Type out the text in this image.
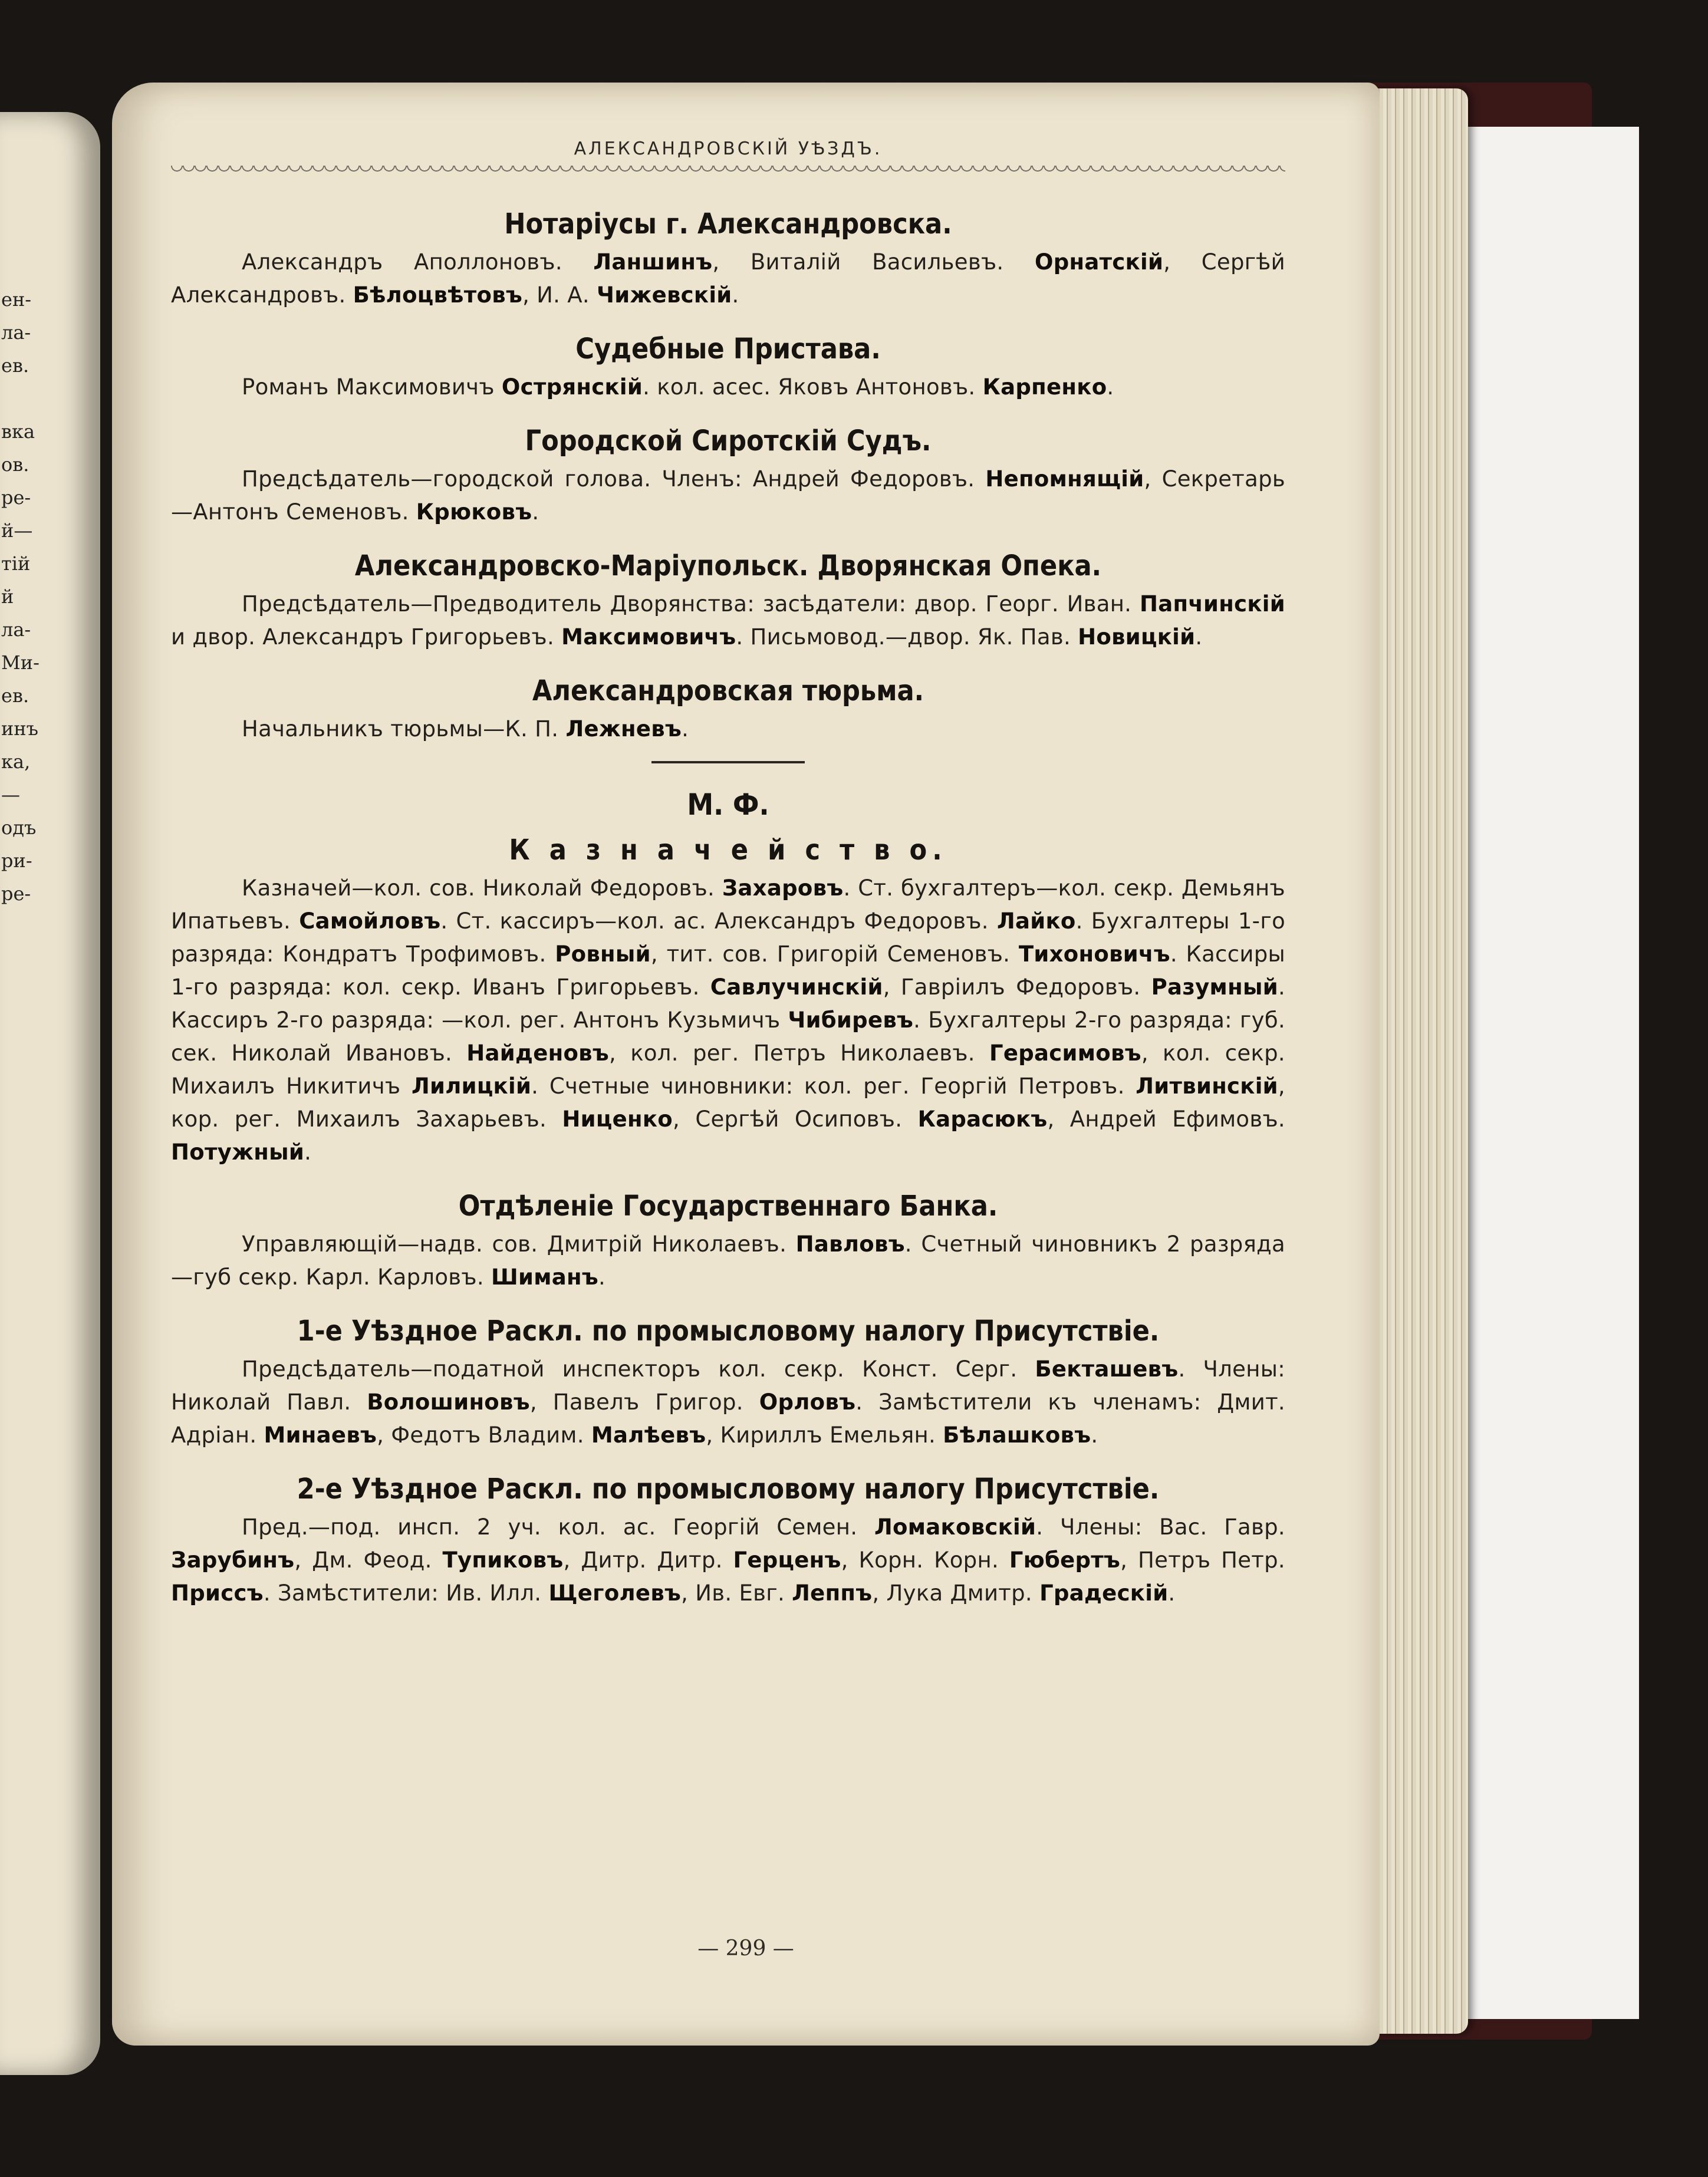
ен-
ла-
ев.
вка
ов.
ре-
й—
тій
й
ла-
Ми-
ев.
инъ
ка,
—
одъ
ри-
ре-
АЛЕКСАНДРОВСКІЙ УѢЗДЪ.
Нотаріусы г. Александровска.

Александръ Аполлоновъ. Ланшинъ, Виталій Васильевъ. Орнатскій, Сергѣй Александровъ. Бѣлоцвѣтовъ, И. А. Чижевскій.

Судебные Пристава.

Романъ Максимовичъ Острянскій. кол. асес. Яковъ Антоновъ. Карпенко.

Городской Сиротскій Судъ.

Предсѣдатель—городской голова. Членъ: Андрей Федоровъ. Непомнящій, Секретарь—Антонъ Семеновъ. Крюковъ.

Александровско-Маріупольск. Дворянская Опека.

Предсѣдатель—Предводитель Дворянства: засѣдатели: двор. Георг. Иван. Папчинскій и двор. Александръ Григорьевъ. Максимовичъ. Письмовод.—двор. Як. Пав. Новицкій.

Александровская тюрьма.

Начальникъ тюрьмы—К. П. Лежневъ.

М. Ф.
К а з н а ч е й с т в о.

Казначей—кол. сов. Николай Федоровъ. Захаровъ. Ст. бухгалтеръ—кол. секр. Демьянъ Ипатьевъ. Самойловъ. Ст. кассиръ—кол. ас. Александръ Федоровъ. Лайко. Бухгалтеры 1-го разряда: Кондратъ Трофимовъ. Ровный, тит. сов. Григорій Семеновъ. Тихоновичъ. Кассиры 1-го разряда: кол. секр. Иванъ Григорьевъ. Савлучинскій, Гавріилъ Федоровъ. Разумный. Кассиръ 2-го разряда: —кол. рег. Антонъ Кузьмичъ Чибиревъ. Бухгалтеры 2-го разряда: губ. сек. Николай Ивановъ. Найденовъ, кол. рег. Петръ Николаевъ. Герасимовъ, кол. секр. Михаилъ Никитичъ Лилицкій. Счетные чиновники: кол. рег. Георгій Петровъ. Литвинскій, кор. рег. Михаилъ Захарьевъ. Ниценко, Сергѣй Осиповъ. Карасюкъ, Андрей Ефимовъ. Потужный.

Отдѣленіе Государственнаго Банка.

Управляющій—надв. сов. Дмитрій Николаевъ. Павловъ. Счетный чиновникъ 2 разряда—губ секр. Карл. Карловъ. Шиманъ.

1-е Уѣздное Раскл. по промысловому налогу Присутствіе.

Предсѣдатель—податной инспекторъ кол. секр. Конст. Серг. Бекташевъ. Члены: Николай Павл. Волошиновъ, Павелъ Григор. Орловъ. Замѣстители къ членамъ: Дмит. Адріан. Минаевъ, Федотъ Владим. Малѣевъ, Кириллъ Емельян. Бѣлашковъ.

2-е Уѣздное Раскл. по промысловому налогу Присутствіе.

Пред.—под. инсп. 2 уч. кол. ас. Георгій Семен. Ломаковскій. Члены: Вас. Гавр. Зарубинъ, Дм. Феод. Тупиковъ, Дитр. Дитр. Герценъ, Корн. Корн. Гюбертъ, Петръ Петр. Приссъ. Замѣстители: Ив. Илл. Щеголевъ, Ив. Евг. Леппъ, Лука Дмитр. Градескій.

— 299 —
